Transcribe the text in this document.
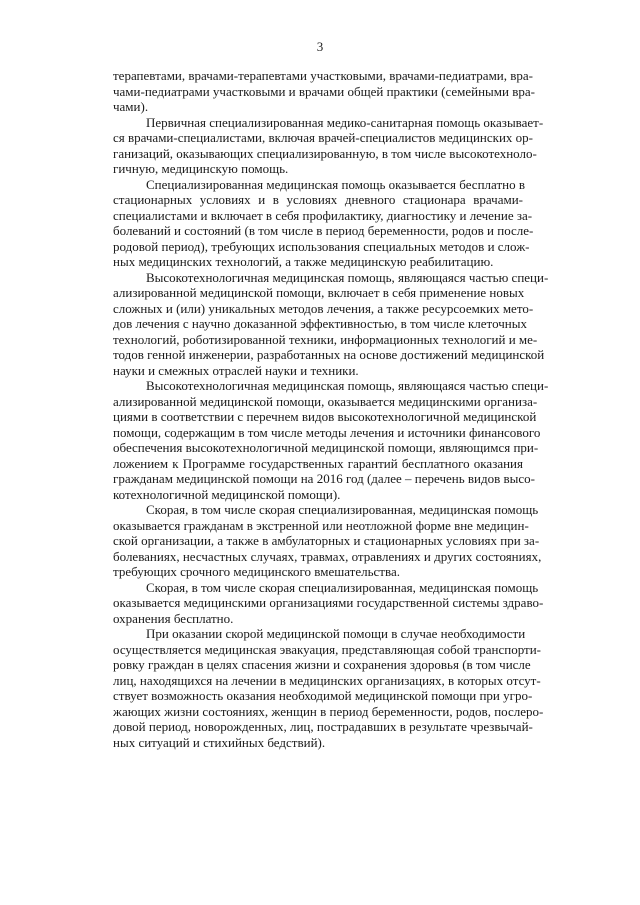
3
терапевтами, врачами-терапевтами участковыми, врачами-педиатрами, вра-
чами-педиатрами участковыми и врачами общей практики (семейными вра-
чами).
Первичная специализированная медико-санитарная помощь оказывает-
ся врачами-специалистами, включая врачей-специалистов медицинских ор-
ганизаций, оказывающих специализированную, в том числе высокотехноло-
гичную, медицинскую помощь.
Специализированная медицинская помощь оказывается бесплатно в
стационарных условиях и в условиях дневного стационара врачами-
специалистами и включает в себя профилактику, диагностику и лечение за-
болеваний и состояний (в том числе в период беременности, родов и после-
родовой период), требующих использования специальных методов и слож-
ных медицинских технологий, а также медицинскую реабилитацию.
Высокотехнологичная медицинская помощь, являющаяся частью специ-
ализированной медицинской помощи, включает в себя применение новых
сложных и (или) уникальных методов лечения, а также ресурсоемких мето-
дов лечения с научно доказанной эффективностью, в том числе клеточных
технологий, роботизированной техники, информационных технологий и ме-
тодов генной инженерии, разработанных на основе достижений медицинской
науки и смежных отраслей науки и техники.
Высокотехнологичная медицинская помощь, являющаяся частью специ-
ализированной медицинской помощи, оказывается медицинскими организа-
циями в соответствии с перечнем видов высокотехнологичной медицинской
помощи, содержащим в том числе методы лечения и источники финансового
обеспечения высокотехнологичной медицинской помощи, являющимся при-
ложением к Программе государственных гарантий бесплатного оказания
гражданам медицинской помощи на 2016 год (далее – перечень видов высо-
котехнологичной медицинской помощи).
Скорая, в том числе скорая специализированная, медицинская помощь
оказывается гражданам в экстренной или неотложной форме вне медицин-
ской организации, а также в амбулаторных и стационарных условиях при за-
болеваниях, несчастных случаях, травмах, отравлениях и других состояниях,
требующих срочного медицинского вмешательства.
Скорая, в том числе скорая специализированная, медицинская помощь
оказывается медицинскими организациями государственной системы здраво-
охранения бесплатно.
При оказании скорой медицинской помощи в случае необходимости
осуществляется медицинская эвакуация, представляющая собой транспорти-
ровку граждан в целях спасения жизни и сохранения здоровья (в том числе
лиц, находящихся на лечении в медицинских организациях, в которых отсут-
ствует возможность оказания необходимой медицинской помощи при угро-
жающих жизни состояниях, женщин в период беременности, родов, послеро-
довой период, новорожденных, лиц, пострадавших в результате чрезвычай-
ных ситуаций и стихийных бедствий).
